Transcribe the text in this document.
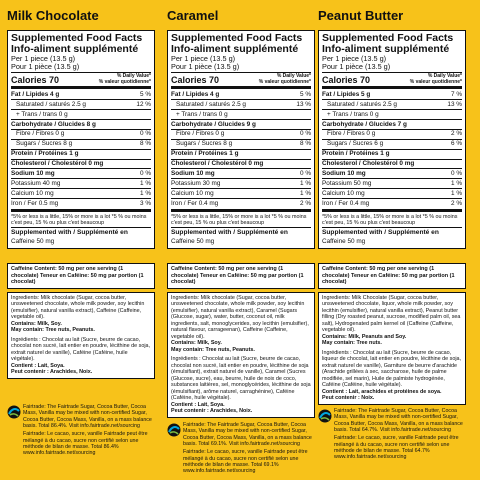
Milk Chocolate
Supplemented Food Facts
Info-aliment supplémenté
Per 1 piece (13.5 g)
Pour 1 pièce (13.5 g)
Calories 70	% Daily Value*
% valeur quotidienne*
Fat / Lipides 4 g	5 %
Saturated / saturés 2.5 g	12 %
+ Trans / trans 0 g
Carbohydrate / Glucides 8 g
Fibre / Fibres 0 g	0 %
Sugars / Sucres 8 g	8 %
Protein / Protéines 1 g
Cholesterol / Cholestérol 0 mg
Sodium 10 mg	0 %
Potassium 40 mg	1 %
Calcium 10 mg	1 %
Iron / Fer 0.5 mg	3 %
*5% or less is a little, 15% or more is a lot *5 % ou moins c'est peu, 15 % ou plus c'est beaucoup
Supplemented with / Supplémenté en
Caffeine 50 mg
Caffeine Content: 50 mg per one serving (1 chocolate) Teneur en Caféine: 50 mg par portion (1 chocolat)
Ingredients: Milk chocolate (Sugar, cocoa butter, unsweetened chocolate, whole milk powder, soy lecithin (emulsifier), natural vanilla extract), Caffeine (Caffeine, vegetable oil).
Contains: Milk, Soy.
May contain: Tree nuts, Peanuts.
Ingrédients : Chocolat au lait (Sucre, beurre de cacao, chocolat non sucré, lait entier en poudre, lécithine de soja, extrait naturel de vanille), Caféine (Caféine, huile végétale).
Contient : Lait, Soya.
Peut contenir : Arachides, Noix.
Fairtrade: The Fairtrade Sugar, Cocoa Butter, Cocoa Mass, Vanilla may be mixed with non-certified Sugar, Cocoa Butter, Cocoa Mass, Vanilla, on a mass balance basis. Total 86.4%. Visit info.fairtrade.net/sourcing
Fairtrade: Le cacao, sucre, vanille Fairtrade peut être mélangé à du cacao, sucre non certifié selon une méthode de bilan de masse. Total 86.4% www.info.fairtrade.net/sourcing
Caramel
Supplemented Food Facts
Info-aliment supplémenté
Per 1 piece (13.5 g)
Pour 1 pièce (13.5 g)
Calories 70	% Daily Value*
% valeur quotidienne*
Fat / Lipides 4 g	5 %
Saturated / saturés 2.5 g	13 %
+ Trans / trans 0 g
Carbohydrate / Glucides 9 g
Fibre / Fibres 0 g	0 %
Sugars / Sucres 8 g	8 %
Protein / Protéines 1 g
Cholesterol / Cholestérol 0 mg
Sodium 10 mg	0 %
Potassium 30 mg	1 %
Calcium 10 mg	1 %
Iron / Fer 0.4 mg	2 %
*5% or less is a little, 15% or more is a lot *5 % ou moins c'est peu, 15 % ou plus c'est beaucoup
Supplemented with / Supplémenté en
Caffeine 50 mg
Caffeine Content: 50 mg per one serving (1 chocolate) Teneur en Caféine: 50 mg par portion (1 chocolat)
Ingredients: Milk chocolate (Sugar, cocoa butter, unsweetened chocolate, whole milk powder, soy lecithin (emulsifier), natural vanilla extract), Caramel (Sugars (Glucose, sugar), water, butter, coconut oil, milk ingredients, salt, monoglycerides, soy lecithin (emulsifier), natural flavour, carrageenan), Caffeine (Caffeine, vegetable oil).
Contains: Milk, Soy.
May contain: Tree nuts, Peanuts.
Ingrédients : Chocolat au lait (Sucre, beurre de cacao, chocolat non sucré, lait entier en poudre, lécithine de soja (émulsifiant), extrait naturel de vanille), Caramel (Sucres (Glucose, sucre), eau, beurre, huile de noix de coco, substances laitières, sel, monoglycérides, lécithine de soja (émulsifiant), arôme naturel, carraghénine), Caféine (Caféine, huile végétale).
Contient : Lait, Soya.
Peut contenir : Arachides, Noix.
Fairtrade: The Fairtrade Sugar, Cocoa Butter, Cocoa Mass, Vanilla may be mixed with non-certified Sugar, Cocoa Butter, Cocoa Mass, Vanilla, on a mass balance basis. Total 69.1%. Visit info.fairtrade.net/sourcing
Fairtrade: Le cacao, sucre, vanille Fairtrade peut être mélangé à du cacao, sucre non certifié selon une méthode de bilan de masse. Total 69.1% www.info.fairtrade.net/sourcing
Peanut Butter
Supplemented Food Facts
Info-aliment supplémenté
Per 1 piece (13.5 g)
Pour 1 pièce (13.5 g)
Calories 70	% Daily Value*
% valeur quotidienne*
Fat / Lipides 5 g	7 %
Saturated / saturés 2.5 g	13 %
+ Trans / trans 0 g
Carbohydrate / Glucides 7 g
Fibre / Fibres 0 g	2 %
Sugars / Sucres 6 g	6 %
Protein / Protéines 1 g
Cholesterol / Cholestérol 0 mg
Sodium 10 mg	0 %
Potassium 50 mg	1 %
Calcium 10 mg	1 %
Iron / Fer 0.4 mg	2 %
*5% or less is a little, 15% or more is a lot *5 % ou moins c'est peu, 15 % ou plus c'est beaucoup
Supplemented with / Supplémenté en
Caffeine 50 mg
Caffeine Content: 50 mg per one serving (1 chocolate) Teneur en Caféine: 50 mg par portion (1 chocolat)
Ingredients: Milk Chocolate (Sugar, cocoa butter, unsweetened chocolate, liquor, whole milk powder, soy lecithin (emulsifier), natural vanilla extract), Peanut butter filling (Dry roasted peanut, sucrose, modified palm oil, sea salt), Hydrogenated palm kernel oil (Caffeine (Caffeine, vegetable oil).
Contains: Milk, Peanuts and Soy.
May contain: Tree nuts.
Ingrédients : Chocolat au lait (Sucre, beurre de cacao, liqueur de chocolat, lait entier en poudre, lécithine de soja, extrait naturel de vanille), Garniture de beurre d'arachide (Arachide grillées à sec, saccharose, huile de palme modifiée, sel marin), Huile de palmiste hydrogénée, Caféine (Caféine, huile végétale).
Contient : Lait, arachides et protéines de soya.
Peut contenir : Noix.
Fairtrade: The Fairtrade Sugar, Cocoa Butter, Cocoa Mass, Vanilla may be mixed with non-certified Sugar, Cocoa Butter, Cocoa Mass, Vanilla, on a mass balance basis. Total 64.7%. Visit info.fairtrade.net/sourcing
Fairtrade: Le cacao, sucre, vanille Fairtrade peut être mélangé à du cacao, sucre non certifié selon une méthode de bilan de masse. Total 64.7% www.info.fairtrade.net/sourcing
